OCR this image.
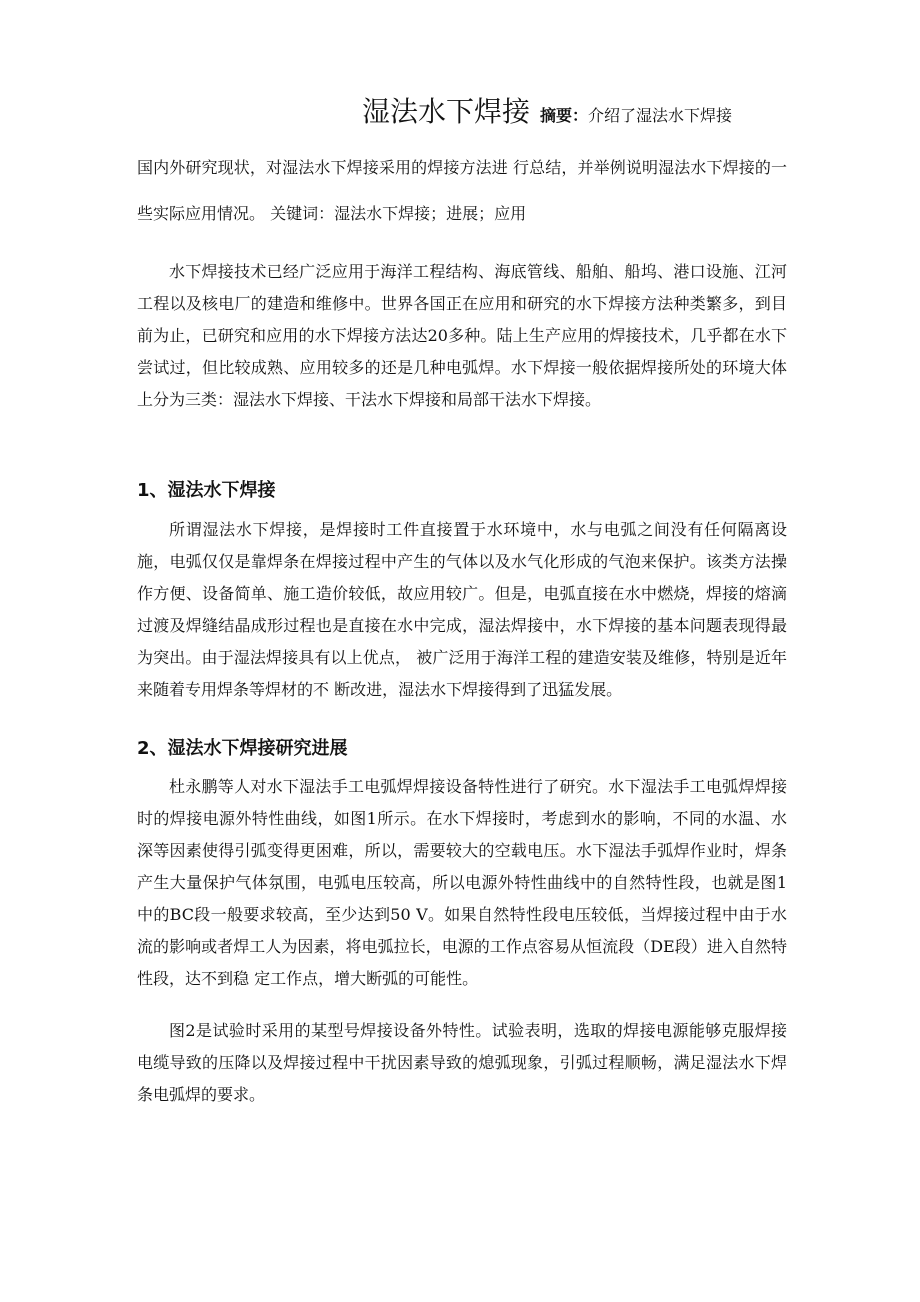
湿法水下焊接 摘要：介绍了湿法水下焊接
国内外研究现状，对湿法水下焊接采用的焊接方法进 行总结，并举例说明湿法水下焊接的一些实际应用情况。 关键词：湿法水下焊接；进展；应用
水下焊接技术已经广泛应用于海洋工程结构、海底管线、船舶、船坞、港口设施、江河工程以及核电厂的建造和维修中。世界各国正在应用和研究的水下焊接方法种类繁多，到目前为止，已研究和应用的水下焊接方法达20多种。陆上生产应用的焊接技术，几乎都在水下尝试过，但比较成熟、应用较多的还是几种电弧焊。水下焊接一般依据焊接所处的环境大体上分为三类：湿法水下焊接、干法水下焊接和局部干法水下焊接。
1、湿法水下焊接
所谓湿法水下焊接，是焊接时工件直接置于水环境中，水与电弧之间没有任何隔离设施，电弧仅仅是靠焊条在焊接过程中产生的气体以及水气化形成的气泡来保护。该类方法操作方便、设备简单、施工造价较低，故应用较广。但是，电弧直接在水中燃烧，焊接的熔滴过渡及焊缝结晶成形过程也是直接在水中完成，湿法焊接中，水下焊接的基本问题表现得最为突出。由于湿法焊接具有以上优点， 被广泛用于海洋工程的建造安装及维修，特别是近年来随着专用焊条等焊材的不 断改进，湿法水下焊接得到了迅猛发展。
2、湿法水下焊接研究进展
杜永鹏等人对水下湿法手工电弧焊焊接设备特性进行了研究。水下湿法手工电弧焊焊接时的焊接电源外特性曲线，如图1所示。在水下焊接时，考虑到水的影响，不同的水温、水深等因素使得引弧变得更困难，所以，需要较大的空载电压。水下湿法手弧焊作业时，焊条产生大量保护气体氛围，电弧电压较高，所以电源外特性曲线中的自然特性段，也就是图1中的BC段一般要求较高，至少达到50 V。如果自然特性段电压较低，当焊接过程中由于水流的影响或者焊工人为因素，将电弧拉长，电源的工作点容易从恒流段（DE段）进入自然特性段，达不到稳 定工作点，增大断弧的可能性。
图2是试验时采用的某型号焊接设备外特性。试验表明，选取的焊接电源能够克服焊接电缆导致的压降以及焊接过程中干扰因素导致的熄弧现象，引弧过程顺畅，满足湿法水下焊条电弧焊的要求。
